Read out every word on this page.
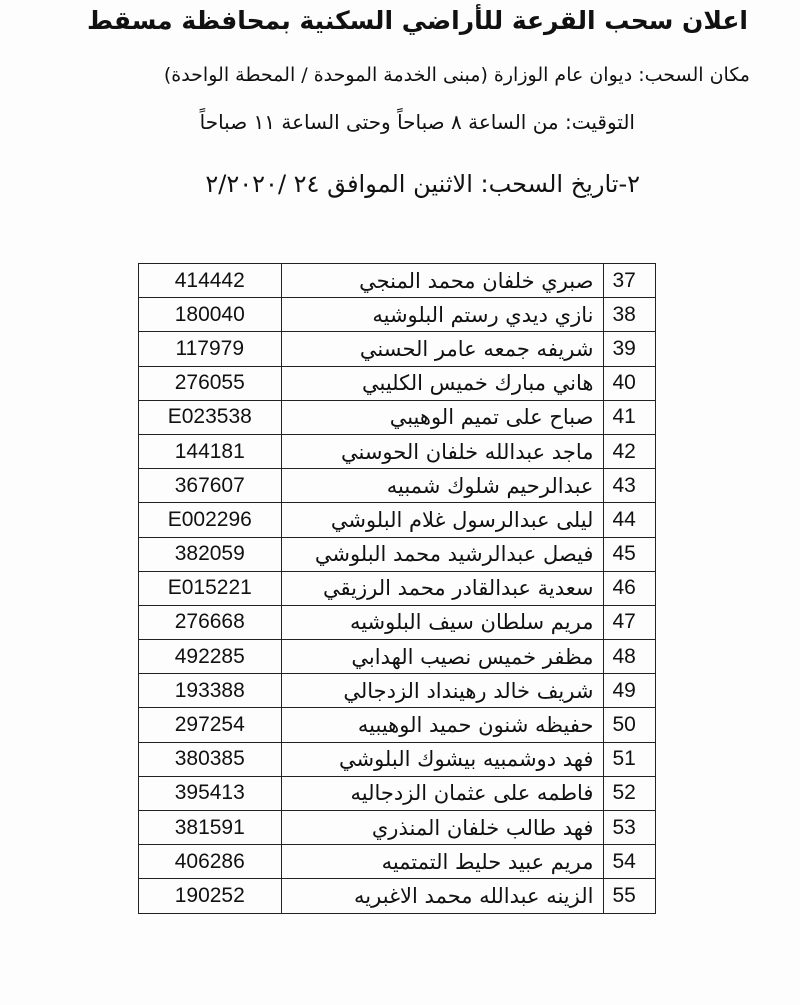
اعلان سحب القرعة للأراضي السكنية بمحافظة مسقط
مكان السحب: ديوان عام الوزارة (مبنى الخدمة الموحدة / المحطة الواحدة)
التوقيت: من الساعة ٨ صباحاً وحتى الساعة ١١ صباحاً
٢-تاريخ السحب: الاثنين الموافق ٢٤ /٢/٢٠٢٠
414442	صبري خلفان محمد المنجي	37
180040	نازي ديدي رستم البلوشيه	38
117979	شريفه جمعه عامر الحسني	39
276055	هاني مبارك خميس الكليبي	40
E023538	صباح على تميم الوهيبي	41
144181	ماجد عبدالله خلفان الحوسني	42
367607	عبدالرحيم شلوك شمبيه	43
E002296	ليلى عبدالرسول غلام البلوشي	44
382059	فيصل عبدالرشيد محمد البلوشي	45
E015221	سعدية عبدالقادر محمد الرزيقي	46
276668	مريم سلطان سيف البلوشيه	47
492285	مظفر خميس نصيب الهدابي	48
193388	شريف خالد رهينداد الزدجالي	49
297254	حفيظه شنون حميد الوهيبيه	50
380385	فهد دوشمبيه بيشوك البلوشي	51
395413	فاطمه على عثمان الزدجاليه	52
381591	فهد طالب خلفان المنذري	53
406286	مريم عبيد حليط التمتميه	54
190252	الزينه عبدالله محمد الاغبريه	55
